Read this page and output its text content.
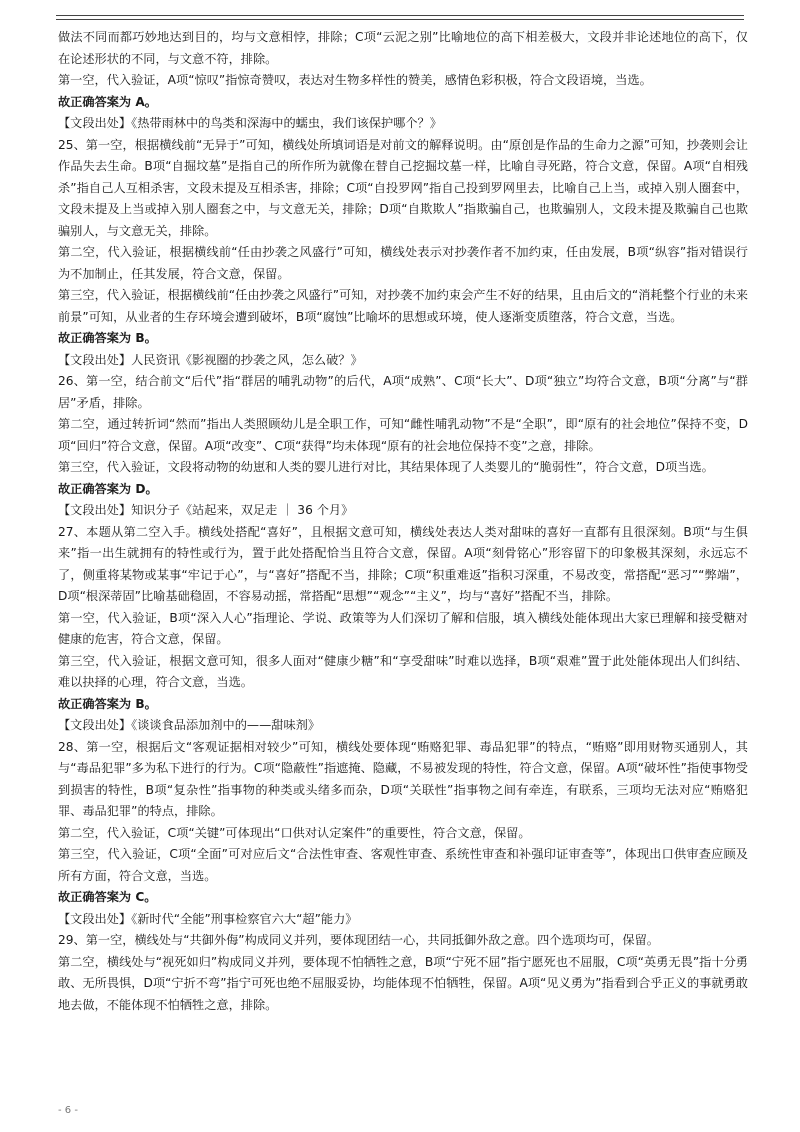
做法不同而都巧妙地达到目的，均与文意相悖，排除；C项“云泥之别”比喻地位的高下相差极大，文段并非论述地位的高下，仅在论述形状的不同，与文意不符，排除。

第一空，代入验证，A项“惊叹”指惊奇赞叹，表达对生物多样性的赞美，感情色彩积极，符合文段语境，当选。

故正确答案为 A。

【文段出处】《热带雨林中的鸟类和深海中的蠕虫，我们该保护哪个？》

25、第一空，根据横线前“无异于”可知，横线处所填词语是对前文的解释说明。由“原创是作品的生命力之源”可知，抄袭则会让作品失去生命。B项“自掘坟墓”是指自己的所作所为就像在替自己挖掘坟墓一样，比喻自寻死路，符合文意，保留。A项“自相残杀”指自己人互相杀害，文段未提及互相杀害，排除；C项“自投罗网”指自己投到罗网里去，比喻自己上当，或掉入别人圈套中，文段未提及上当或掉入别人圈套之中，与文意无关，排除；D项“自欺欺人”指欺骗自己，也欺骗别人，文段未提及欺骗自己也欺骗别人，与文意无关，排除。

第二空，代入验证，根据横线前“任由抄袭之风盛行”可知，横线处表示对抄袭作者不加约束，任由发展，B项“纵容”指对错误行为不加制止，任其发展，符合文意，保留。

第三空，代入验证，根据横线前“任由抄袭之风盛行”可知，对抄袭不加约束会产生不好的结果，且由后文的“消耗整个行业的未来前景”可知，从业者的生存环境会遭到破坏，B项“腐蚀”比喻坏的思想或环境，使人逐渐变质堕落，符合文意，当选。

故正确答案为 B。

【文段出处】人民资讯《影视圈的抄袭之风，怎么破？》

26、第一空，结合前文“后代”指“群居的哺乳动物”的后代，A项“成熟”、C项“长大”、D项“独立”均符合文意，B项“分离”与“群居”矛盾，排除。

第二空，通过转折词“然而”指出人类照顾幼儿是全职工作，可知“雌性哺乳动物”不是“全职”，即“原有的社会地位”保持不变，D项“回归”符合文意，保留。A项“改变”、C项“获得”均未体现“原有的社会地位保持不变”之意，排除。

第三空，代入验证，文段将动物的幼崽和人类的婴儿进行对比，其结果体现了人类婴儿的“脆弱性”，符合文意，D项当选。

故正确答案为 D。

【文段出处】知识分子《站起来，双足走 ｜ 36 个月》

27、本题从第二空入手。横线处搭配“喜好”，且根据文意可知，横线处表达人类对甜味的喜好一直都有且很深刻。B项“与生俱来”指一出生就拥有的特性或行为，置于此处搭配恰当且符合文意，保留。A项“刻骨铭心”形容留下的印象极其深刻，永远忘不了，侧重将某物或某事“牢记于心”，与“喜好”搭配不当，排除；C项“积重难返”指积习深重，不易改变，常搭配“恶习”“弊端”，D项“根深蒂固”比喻基础稳固，不容易动摇，常搭配“思想”“观念”“主义”，均与“喜好”搭配不当，排除。

第一空，代入验证，B项“深入人心”指理论、学说、政策等为人们深切了解和信服，填入横线处能体现出大家已理解和接受糖对健康的危害，符合文意，保留。

第三空，代入验证，根据文意可知，很多人面对“健康少糖”和“享受甜味”时难以选择，B项“艰难”置于此处能体现出人们纠结、难以抉择的心理，符合文意，当选。

故正确答案为 B。

【文段出处】《谈谈食品添加剂中的——甜味剂》

28、第一空，根据后文“客观证据相对较少”可知，横线处要体现“贿赂犯罪、毒品犯罪”的特点，“贿赂”即用财物买通别人，其与“毒品犯罪”多为私下进行的行为。C项“隐蔽性”指遮掩、隐藏，不易被发现的特性，符合文意，保留。A项“破坏性”指使事物受到损害的特性，B项“复杂性”指事物的种类或头绪多而杂，D项“关联性”指事物之间有牵连，有联系，三项均无法对应“贿赂犯罪、毒品犯罪”的特点，排除。

第二空，代入验证，C项“关键”可体现出“口供对认定案件”的重要性，符合文意，保留。

第三空，代入验证，C项“全面”可对应后文“合法性审查、客观性审查、系统性审查和补强印证审查等”，体现出口供审查应顾及所有方面，符合文意，当选。

故正确答案为 C。

【文段出处】《新时代“全能”刑事检察官六大“超”能力》

29、第一空，横线处与“共御外侮”构成同义并列，要体现团结一心，共同抵御外敌之意。四个选项均可，保留。

第二空，横线处与“视死如归”构成同义并列，要体现不怕牺牲之意，B项“宁死不屈”指宁愿死也不屈服，C项“英勇无畏”指十分勇敢、无所畏惧，D项“宁折不弯”指宁可死也绝不屈服妥协，均能体现不怕牺牲，保留。A项“见义勇为”指看到合乎正义的事就勇敢地去做，不能体现不怕牺牲之意，排除。

- 6 -
